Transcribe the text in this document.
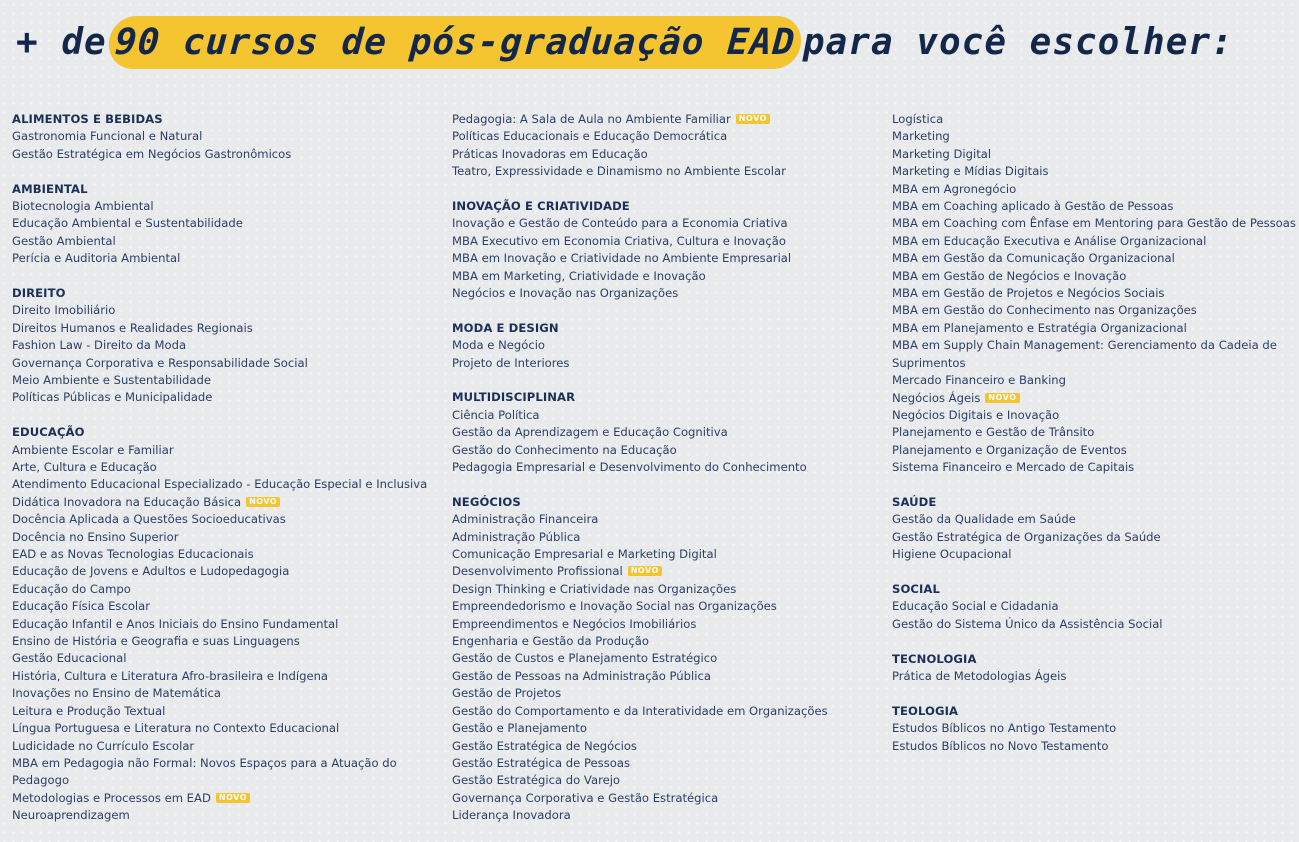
+ de 90 cursos de pós-graduação EAD para você escolher:
ALIMENTOS E BEBIDAS
Gastronomia Funcional e Natural
Gestão Estratégica em Negócios Gastronômicos
AMBIENTAL
Biotecnologia Ambiental
Educação Ambiental e Sustentabilidade
Gestão Ambiental
Perícia e Auditoria Ambiental
DIREITO
Direito Imobiliário
Direitos Humanos e Realidades Regionais
Fashion Law - Direito da Moda
Governança Corporativa e Responsabilidade Social
Meio Ambiente e Sustentabilidade
Políticas Públicas e Municipalidade
EDUCAÇÃO
Ambiente Escolar e Familiar
Arte, Cultura e Educação
Atendimento Educacional Especializado - Educação Especial e Inclusiva
Didática Inovadora na Educação Básica NOVO
Docência Aplicada a Questões Socioeducativas
Docência no Ensino Superior
EAD e as Novas Tecnologias Educacionais
Educação de Jovens e Adultos e Ludopedagogia
Educação do Campo
Educação Física Escolar
Educação Infantil e Anos Iniciais do Ensino Fundamental
Ensino de História e Geografia e suas Linguagens
Gestão Educacional
História, Cultura e Literatura Afro-brasileira e Indígena
Inovações no Ensino de Matemática
Leitura e Produção Textual
Língua Portuguesa e Literatura no Contexto Educacional
Ludicidade no Currículo Escolar
MBA em Pedagogia não Formal: Novos Espaços para a Atuação do Pedagogo
Metodologias e Processos em EAD NOVO
Neuroaprendizagem
Pedagogia: A Sala de Aula no Ambiente Familiar NOVO
Políticas Educacionais e Educação Democrática
Práticas Inovadoras em Educação
Teatro, Expressividade e Dinamismo no Ambiente Escolar
INOVAÇÃO E CRIATIVIDADE
Inovação e Gestão de Conteúdo para a Economia Criativa
MBA Executivo em Economia Criativa, Cultura e Inovação
MBA em Inovação e Criatividade no Ambiente Empresarial
MBA em Marketing, Criatividade e Inovação
Negócios e Inovação nas Organizações
MODA E DESIGN
Moda e Negócio
Projeto de Interiores
MULTIDISCIPLINAR
Ciência Política
Gestão da Aprendizagem e Educação Cognitiva
Gestão do Conhecimento na Educação
Pedagogia Empresarial e Desenvolvimento do Conhecimento
NEGÓCIOS
Administração Financeira
Administração Pública
Comunicação Empresarial e Marketing Digital
Desenvolvimento Profissional NOVO
Design Thinking e Criatividade nas Organizações
Empreendedorismo e Inovação Social nas Organizações
Empreendimentos e Negócios Imobiliários
Engenharia e Gestão da Produção
Gestão de Custos e Planejamento Estratégico
Gestão de Pessoas na Administração Pública
Gestão de Projetos
Gestão do Comportamento e da Interatividade em Organizações
Gestão e Planejamento
Gestão Estratégica de Negócios
Gestão Estratégica de Pessoas
Gestão Estratégica do Varejo
Governança Corporativa e Gestão Estratégica
Liderança Inovadora
Logística
Marketing
Marketing Digital
Marketing e Mídias Digitais
MBA em Agronegócio
MBA em Coaching aplicado à Gestão de Pessoas
MBA em Coaching com Ênfase em Mentoring para Gestão de Pessoas
MBA em Educação Executiva e Análise Organizacional
MBA em Gestão da Comunicação Organizacional
MBA em Gestão de Negócios e Inovação
MBA em Gestão de Projetos e Negócios Sociais
MBA em Gestão do Conhecimento nas Organizações
MBA em Planejamento e Estratégia Organizacional
MBA em Supply Chain Management: Gerenciamento da Cadeia de Suprimentos
Mercado Financeiro e Banking
Negócios Ágeis NOVO
Negócios Digitais e Inovação
Planejamento e Gestão de Trânsito
Planejamento e Organização de Eventos
Sistema Financeiro e Mercado de Capitais
SAÚDE
Gestão da Qualidade em Saúde
Gestão Estratégica de Organizações da Saúde
Higiene Ocupacional
SOCIAL
Educação Social e Cidadania
Gestão do Sistema Único da Assistência Social
TECNOLOGIA
Prática de Metodologias Ágeis
TEOLOGIA
Estudos Bíblicos no Antigo Testamento
Estudos Bíblicos no Novo Testamento
